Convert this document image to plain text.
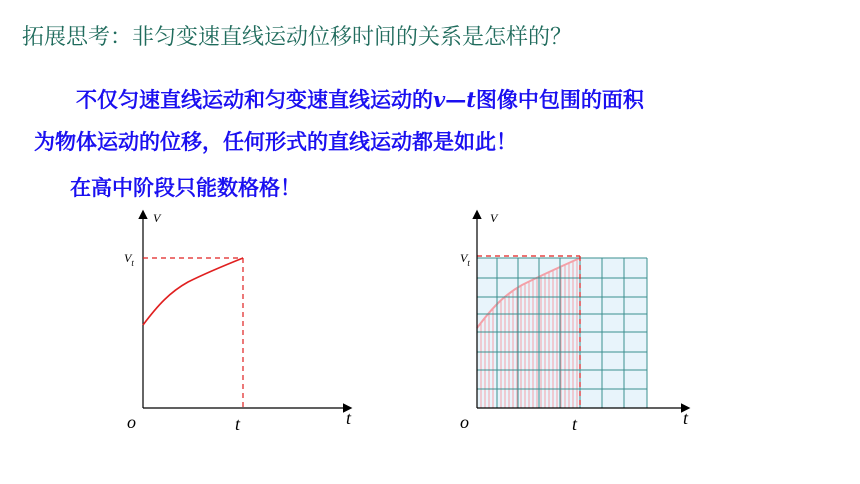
拓展思考：非匀变速直线运动位移时间的关系是怎样的？
不仅匀速直线运动和匀变速直线运动的v—t图像中包围的面积
为物体运动的位移，任何形式的直线运动都是如此！
在高中阶段只能数格格！
V
t
o	t
$V_t$
V
t
o	t
$V_t$
